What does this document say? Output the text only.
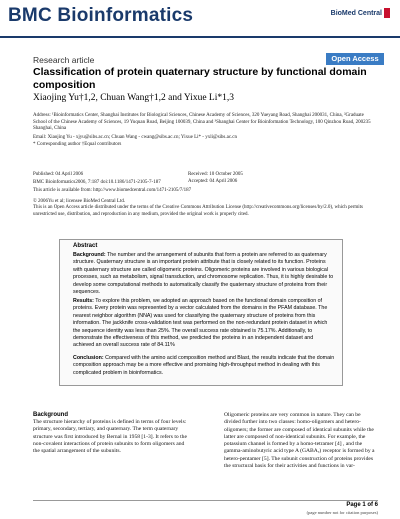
BMC Bioinformatics	BioMed Central
Research article	Open Access
Classification of protein quaternary structure by functional domain composition
Xiaojing Yu†1,2, Chuan Wang†1,2 and Yixue Li*1,3
Address: ¹Bioinformatics Center, Shanghai Institutes for Biological Sciences, Chinese Academy of Sciences, 320 Yueyang Road, Shanghai 200031, China, ²Graduate School of the Chinese Academy of Sciences, 19 Yuquan Road, Beijing 100039, China and ³Shanghai Center for Bioinformation Technology, 100 Qinzhou Road, 200235 Shanghai, China
Email: Xiaojing Yu - xjyu@sibs.ac.cn; Chuan Wang - cwang@sibs.ac.cn; Yixue Li* - yxli@sibs.ac.cn
* Corresponding author †Equal contributors
Published: 04 April 2006	Received: 10 October 2005
Accepted: 04 April 2006
BMC Bioinformatics2006, 7:187 doi:10.1186/1471-2105-7-187
This article is available from: http://www.biomedcentral.com/1471-2105/7/187
© 2006Yu et al; licensee BioMed Central Ltd.
This is an Open Access article distributed under the terms of the Creative Commons Attribution License (http://creativecommons.org/licenses/by/2.0), which permits unrestricted use, distribution, and reproduction in any medium, provided the original work is properly cited.
Abstract
Background: The number and the arrangement of subunits that form a protein are referred to as quaternary structure. Quaternary structure is an important protein attribute that is closely related to its function. Proteins with quaternary structure are called oligomeric proteins. Oligomeric proteins are involved in various biological processes, such as metabolism, signal transduction, and chromosome replication. Thus, it is highly desirable to develop some computational methods to automatically classify the quaternary structure of proteins from their sequences.
Results: To explore this problem, we adopted an approach based on the functional domain composition of proteins. Every protein was represented by a vector calculated from the domains in the PFAM database. The nearest neighbor algorithm (NNA) was used for classifying the quaternary structure of proteins from this information. The jackknife cross-validation test was performed on the non-redundant protein dataset in which the sequence identity was less than 25%. The overall success rate obtained is 75.17%. Additionally, to demonstrate the effectiveness of this method, we predicted the proteins in an independent dataset and achieved an overall success rate of 84.11%
Conclusion: Compared with the amino acid composition method and Blast, the results indicate that the domain composition approach may be a more effective and promising high-throughput method in dealing with this complicated problem in bioinformatics.
Background
The structure hierarchy of proteins is defined in terms of four levels: primary, secondary, tertiary, and quaternary. The term quaternary structure was first introduced by Bernal in 1958 [1-3]. It refers to the non-covalent interactions of protein subunits to form oligomers and the spatial arrangement of the subunits.
Oligomeric proteins are very common in nature. They can be divided further into two classes: homo-oligomers and hetero-oligomers; the former are composed of identical subunits while the latter are composed of non-identical subunits. For example, the potassium channel is formed by a homo-tetramer [4] , and the gamma-aminobutyric acid type A (GABAₐ) receptor is formed by a hetero-pentamer [5]. The subunit construction of proteins provides the structural basis for their activities and functions in var-
Page 1 of 6
(page number not for citation purposes)
